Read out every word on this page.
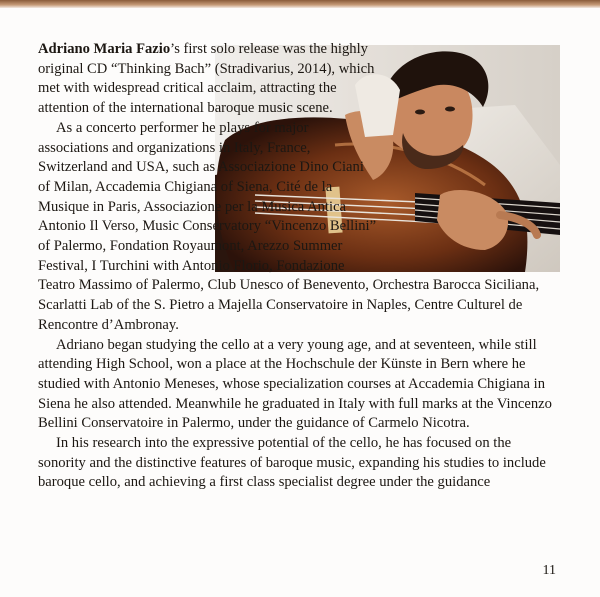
Adriano Maria Fazio’s first solo release was the highly original CD “Thinking Bach” (Stradivarius, 2014), which met with widespread critical acclaim, attracting the attention of the international baroque music scene.

As a concerto performer he plays for major associations and organizations in Italy, France, Switzerland and USA, such as Associazione Dino Ciani of Milan, Accademia Chigiana of Siena, Cité de la Musique in Paris, Associazione per la Musica Antica Antonio Il Verso, Music Conservatory “Vincenzo Bellini” of Palermo, Fondation Royaumont, Arezzo Summer Festival, I Turchini with Antonio Florio, Fondazione Teatro Massimo of Palermo, Club Unesco of Benevento, Orchestra Barocca Siciliana, Scarlatti Lab of the S. Pietro a Majella Conservatoire in Naples, Centre Culturel de Rencontre d’Ambronay.

Adriano began studying the cello at a very young age, and at seventeen, while still attending High School, won a place at the Hochschule der Künste in Bern where he studied with Antonio Meneses, whose specialization courses at Accademia Chigiana in Siena he also attended. Meanwhile he graduated in Italy with full marks at the Vincenzo Bellini Conservatoire in Palermo, under the guidance of Carmelo Nicotra.

In his research into the expressive potential of the cello, he has focused on the sonority and the distinctive features of baroque music, expanding his studies to include baroque cello, and achieving a first class specialist degree under the guidance

11
